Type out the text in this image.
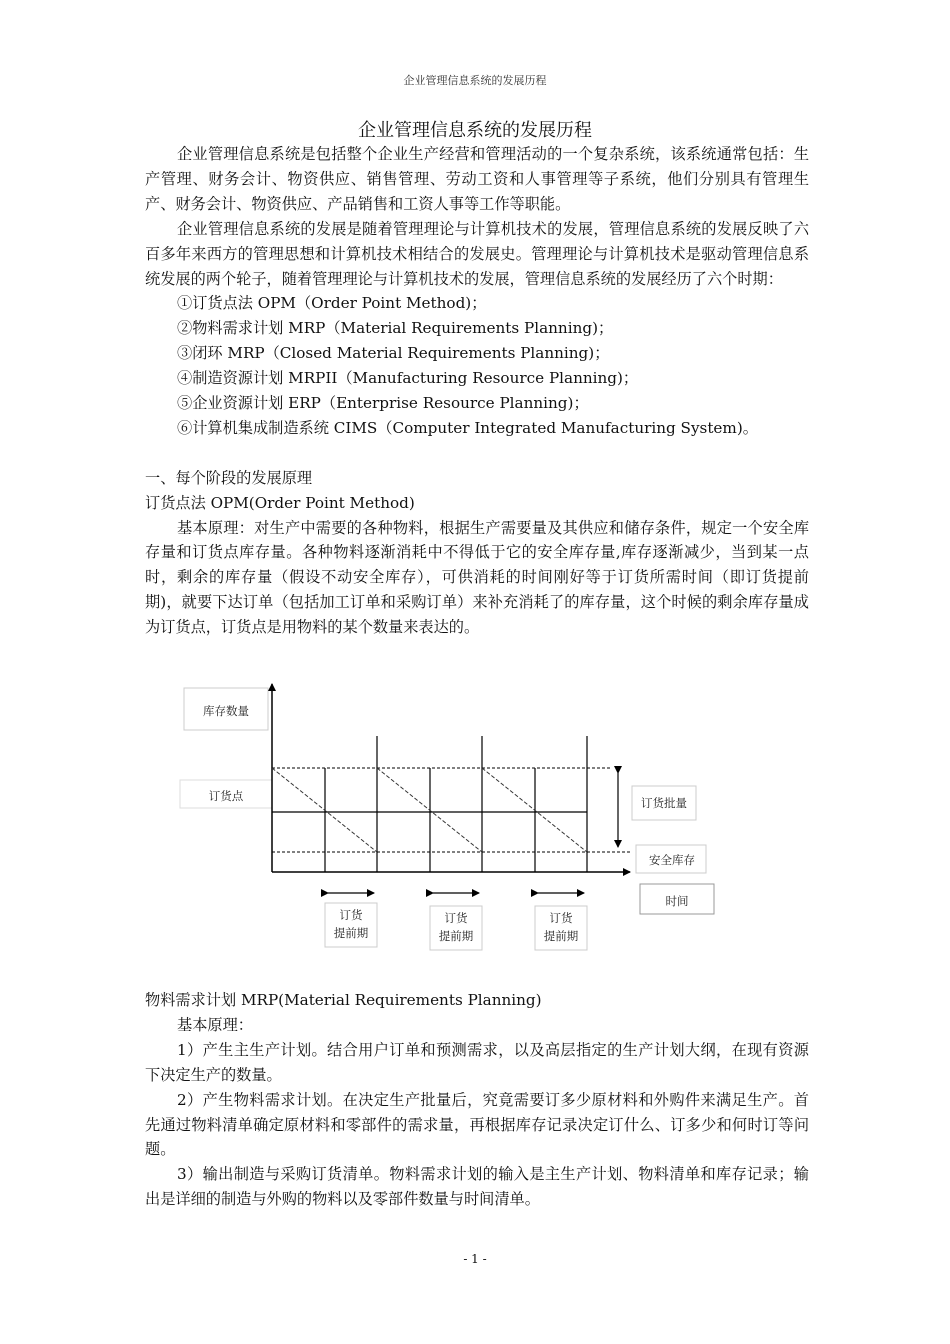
企业管理信息系统的发展历程
企业管理信息系统的发展历程

企业管理信息系统是包括整个企业生产经营和管理活动的一个复杂系统，该系统通常包括：生产管理、财务会计、物资供应、销售管理、劳动工资和人事管理等子系统，他们分别具有管理生产、财务会计、物资供应、产品销售和工资人事等工作等职能。

企业管理信息系统的发展是随着管理理论与计算机技术的发展，管理信息系统的发展反映了六百多年来西方的管理思想和计算机技术相结合的发展史。管理理论与计算机技术是驱动管理信息系统发展的两个轮子，随着管理理论与计算机技术的发展，管理信息系统的发展经历了六个时期：

①订货点法 OPM（Order Point Method)；

②物料需求计划 MRP（Material Requirements Planning)；

③闭环 MRP（Closed Material Requirements Planning)；

④制造资源计划 MRPII（Manufacturing Resource Planning)；

⑤企业资源计划 ERP（Enterprise Resource Planning)；

⑥计算机集成制造系统 CIMS（Computer Integrated Manufacturing System)。

一、每个阶段的发展原理

订货点法 OPM(Order Point Method)

基本原理：对生产中需要的各种物料，根据生产需要量及其供应和储存条件，规定一个安全库存量和订货点库存量。各种物料逐渐消耗中不得低于它的安全库存量,库存逐渐减少，当到某一点时，剩余的库存量（假设不动安全库存），可供消耗的时间刚好等于订货所需时间（即订货提前期)，就要下达订单（包括加工订单和采购订单）来补充消耗了的库存量，这个时候的剩余库存量成为订货点，订货点是用物料的某个数量来表达的。

库存数量
订货点	订货批量
安全库存
时间
订货
提前期
订货
提前期
订货
提前期

物料需求计划 MRP(Material Requirements Planning)

基本原理：

1）产生主生产计划。结合用户订单和预测需求，以及高层指定的生产计划大纲，在现有资源下决定生产的数量。

2）产生物料需求计划。在决定生产批量后，究竟需要订多少原材料和外购件来满足生产。首先通过物料清单确定原材料和零部件的需求量，再根据库存记录决定订什么、订多少和何时订等问题。

3）输出制造与采购订货清单。物料需求计划的输入是主生产计划、物料清单和库存记录；输出是详细的制造与外购的物料以及零部件数量与时间清单。

- 1 -
